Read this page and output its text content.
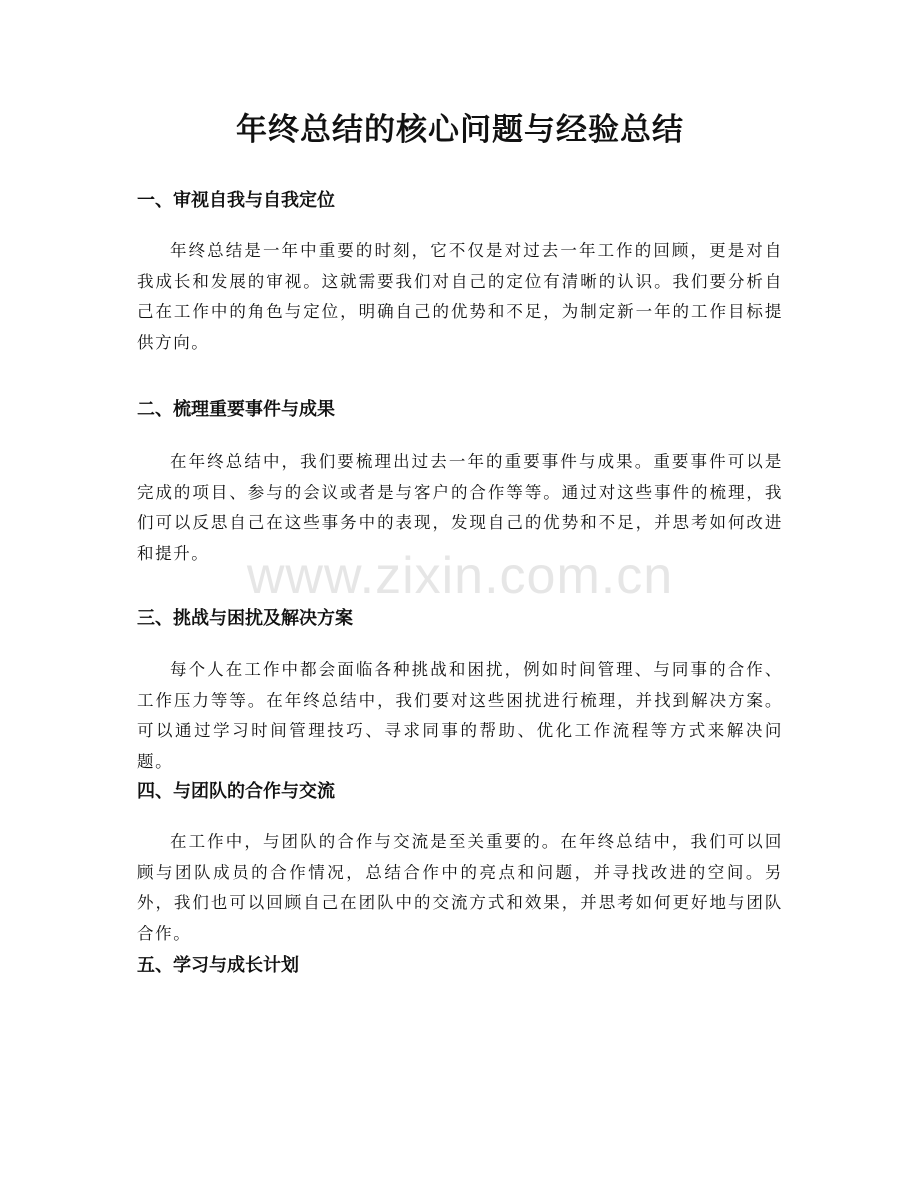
年终总结的核心问题与经验总结
一、审视自我与自我定位

年终总结是一年中重要的时刻，它不仅是对过去一年工作的回顾，更是对自我成长和发展的审视。这就需要我们对自己的定位有清晰的认识。我们要分析自己在工作中的角色与定位，明确自己的优势和不足，为制定新一年的工作目标提供方向。

二、梳理重要事件与成果

在年终总结中，我们要梳理出过去一年的重要事件与成果。重要事件可以是完成的项目、参与的会议或者是与客户的合作等等。通过对这些事件的梳理，我们可以反思自己在这些事务中的表现，发现自己的优势和不足，并思考如何改进和提升。

三、挑战与困扰及解决方案

每个人在工作中都会面临各种挑战和困扰，例如时间管理、与同事的合作、工作压力等等。在年终总结中，我们要对这些困扰进行梳理，并找到解决方案。可以通过学习时间管理技巧、寻求同事的帮助、优化工作流程等方式来解决问题。

四、与团队的合作与交流

在工作中，与团队的合作与交流是至关重要的。在年终总结中，我们可以回顾与团队成员的合作情况，总结合作中的亮点和问题，并寻找改进的空间。另外，我们也可以回顾自己在团队中的交流方式和效果，并思考如何更好地与团队合作。

五、学习与成长计划
www.zixin.com.cn
